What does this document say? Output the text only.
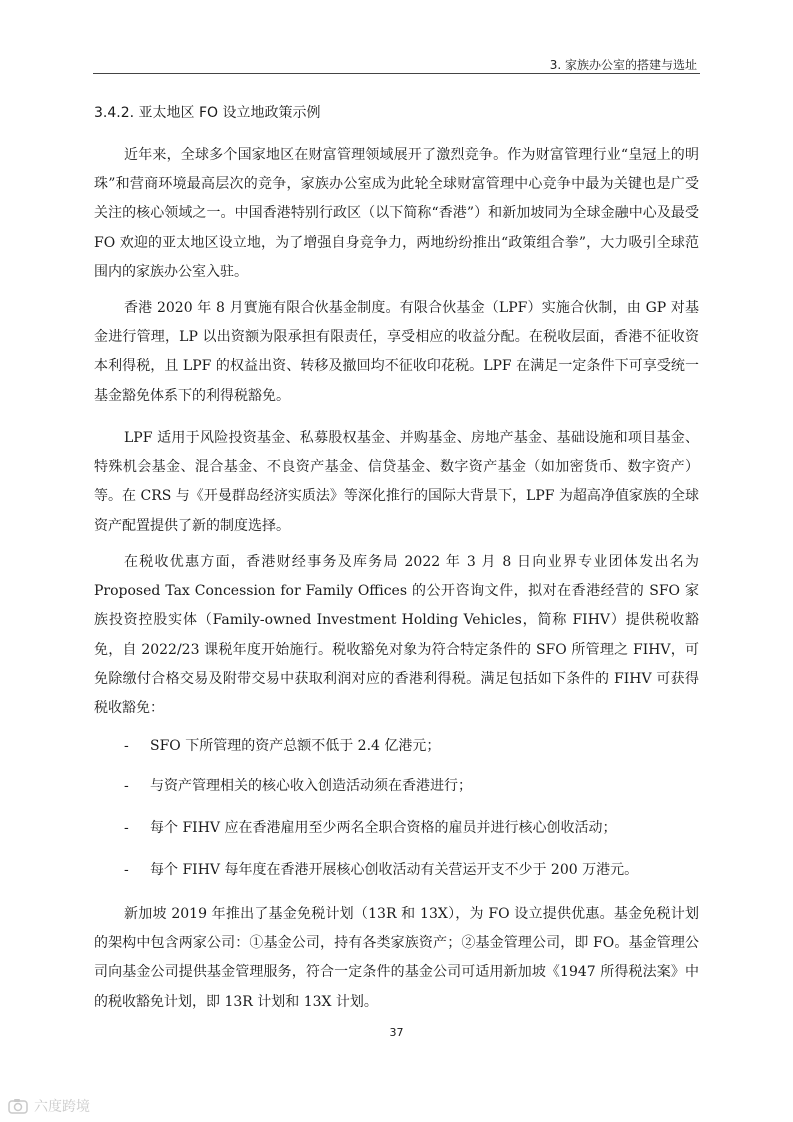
3. 家族办公室的搭建与选址
3.4.2. 亚太地区 FO 设立地政策示例

近年来，全球多个国家地区在财富管理领域展开了激烈竞争。作为财富管理行业“皇冠上的明珠”和营商环境最高层次的竞争，家族办公室成为此轮全球财富管理中心竞争中最为关键也是广受关注的核心领域之一。中国香港特别行政区（以下简称“香港”）和新加坡同为全球金融中心及最受 FO 欢迎的亚太地区设立地，为了增强自身竞争力，两地纷纷推出“政策组合拳”，大力吸引全球范围内的家族办公室入驻。

香港 2020 年 8 月實施有限合伙基金制度。有限合伙基金（LPF）实施合伙制，由 GP 对基金进行管理，LP 以出资额为限承担有限责任，享受相应的收益分配。在税收层面，香港不征收资本利得税，且 LPF 的权益出资、转移及撤回均不征收印花税。LPF 在满足一定条件下可享受统一基金豁免体系下的利得税豁免。

LPF 适用于风险投资基金、私募股权基金、并购基金、房地产基金、基础设施和项目基金、特殊机会基金、混合基金、不良资产基金、信贷基金、数字资产基金（如加密货币、数字资产）等。在 CRS 与《开曼群岛经济实质法》等深化推行的国际大背景下，LPF 为超高净值家族的全球资产配置提供了新的制度选择。

在税收优惠方面，香港财经事务及库务局 2022 年 3 月 8 日向业界专业团体发出名为 Proposed Tax Concession for Family Offices 的公开咨询文件，拟对在香港经营的 SFO 家族投资控股实体（Family-owned Investment Holding Vehicles，简称 FIHV）提供税收豁免，自 2022/23 课税年度开始施行。税收豁免对象为符合特定条件的 SFO 所管理之 FIHV，可免除缴付合格交易及附带交易中获取利润对应的香港利得税。满足包括如下条件的 FIHV 可获得税收豁免：

- SFO 下所管理的资产总额不低于 2.4 亿港元；
- 与资产管理相关的核心收入创造活动须在香港进行；
- 每个 FIHV 应在香港雇用至少两名全职合资格的雇员并进行核心创收活动；
- 每个 FIHV 每年度在香港开展核心创收活动有关营运开支不少于 200 万港元。

新加坡 2019 年推出了基金免税计划（13R 和 13X），为 FO 设立提供优惠。基金免税计划的架构中包含两家公司：①基金公司，持有各类家族资产；②基金管理公司，即 FO。基金管理公司向基金公司提供基金管理服务，符合一定条件的基金公司可适用新加坡《1947 所得税法案》中的税收豁免计划，即 13R 计划和 13X 计划。

37
六度跨境
